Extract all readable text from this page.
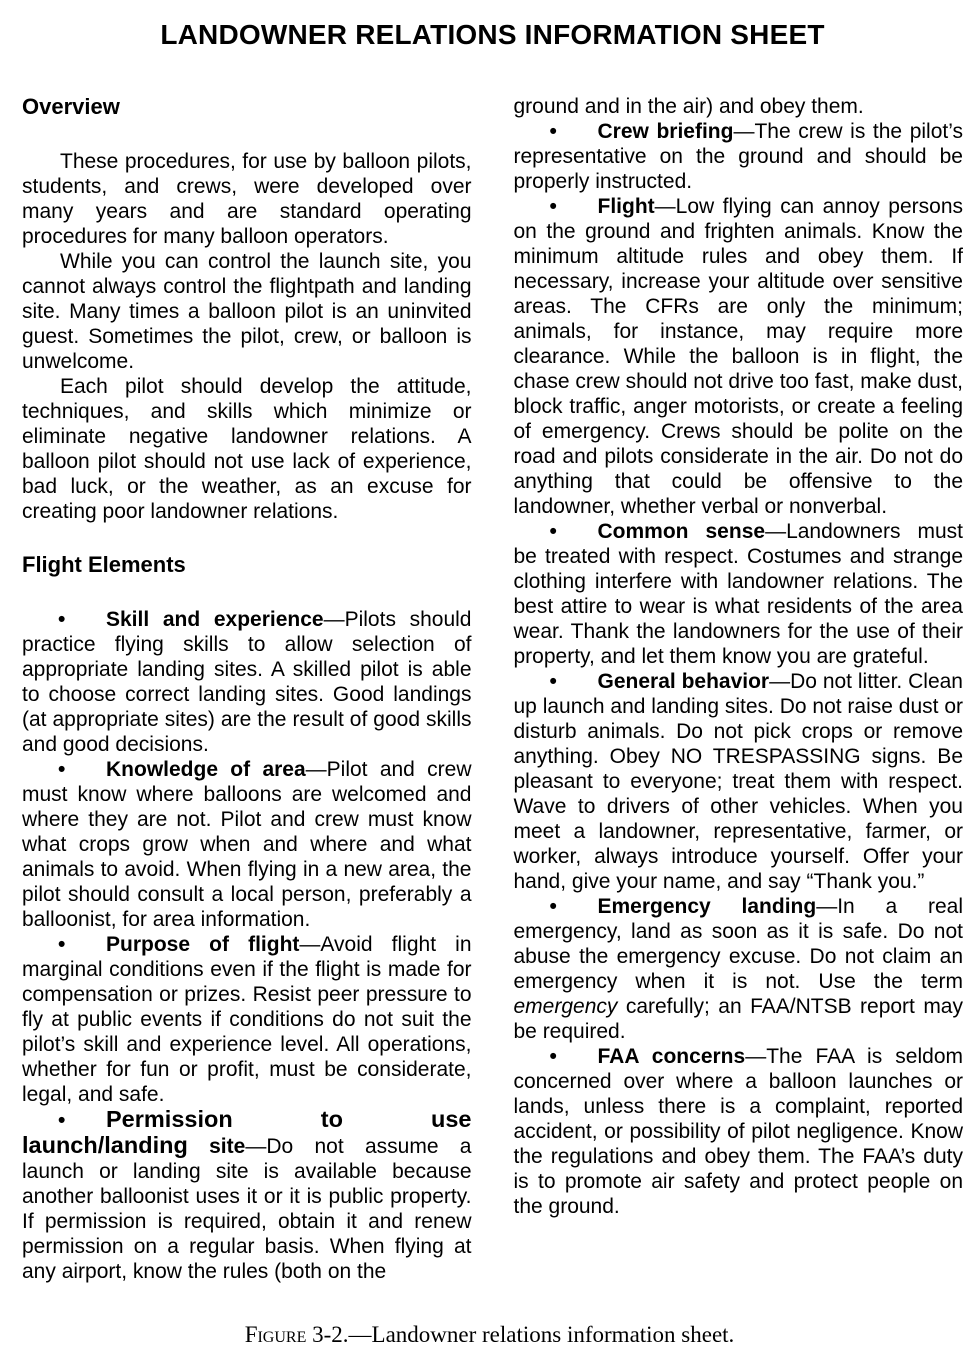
LANDOWNER RELATIONS INFORMATION SHEET
Overview

These procedures, for use by balloon pilots, students, and crews, were developed over many years and are standard operating procedures for many balloon operators.

While you can control the launch site, you cannot always control the flightpath and landing site. Many times a balloon pilot is an uninvited guest. Sometimes the pilot, crew, or balloon is unwelcome.

Each pilot should develop the attitude, techniques, and skills which minimize or eliminate negative landowner relations. A balloon pilot should not use lack of experience, bad luck, or the weather, as an excuse for creating poor landowner relations.

Flight Elements

• Skill and experience—Pilots should practice flying skills to allow selection of appropriate landing sites. A skilled pilot is able to choose correct landing sites. Good landings (at appropriate sites) are the result of good skills and good decisions.

• Knowledge of area—Pilot and crew must know where balloons are welcomed and where they are not. Pilot and crew must know what crops grow when and where and what animals to avoid. When flying in a new area, the pilot should consult a local person, preferably a balloonist, for area information.

• Purpose of flight—Avoid flight in marginal conditions even if the flight is made for compensation or prizes. Resist peer pressure to fly at public events if conditions do not suit the pilot’s skill and experience level. All operations, whether for fun or profit, must be considerate, legal, and safe.

• Permission to use launch/landing site—Do not assume a launch or landing site is available because another balloonist uses it or it is public property. If permission is required, obtain it and renew permission on a regular basis. When flying at any airport, know the rules (both on the

ground and in the air) and obey them.

• Crew briefing—The crew is the pilot’s representative on the ground and should be properly instructed.

• Flight—Low flying can annoy persons on the ground and frighten animals. Know the minimum altitude rules and obey them. If necessary, increase your altitude over sensitive areas. The CFRs are only the minimum; animals, for instance, may require more clearance. While the balloon is in flight, the chase crew should not drive too fast, make dust, block traffic, anger motorists, or create a feeling of emergency. Crews should be polite on the road and pilots considerate in the air. Do not do anything that could be offensive to the landowner, whether verbal or nonverbal.

• Common sense—Landowners must be treated with respect. Costumes and strange clothing interfere with landowner relations. The best attire to wear is what residents of the area wear. Thank the landowners for the use of their property, and let them know you are grateful.

• General behavior—Do not litter. Clean up launch and landing sites. Do not raise dust or disturb animals. Do not pick crops or remove anything. Obey NO TRESPASSING signs. Be pleasant to everyone; treat them with respect. Wave to drivers of other vehicles. When you meet a landowner, representative, farmer, or worker, always introduce yourself. Offer your hand, give your name, and say “Thank you.”

• Emergency landing—In a real emergency, land as soon as it is safe. Do not abuse the emergency excuse. Do not claim an emergency when it is not. Use the term emergency carefully; an FAA/NTSB report may be required.

• FAA concerns—The FAA is seldom concerned over where a balloon launches or lands, unless there is a complaint, reported accident, or possibility of pilot negligence. Know the regulations and obey them. The FAA’s duty is to promote air safety and protect people on the ground.

Figure 3-2.—Landowner relations information sheet.
